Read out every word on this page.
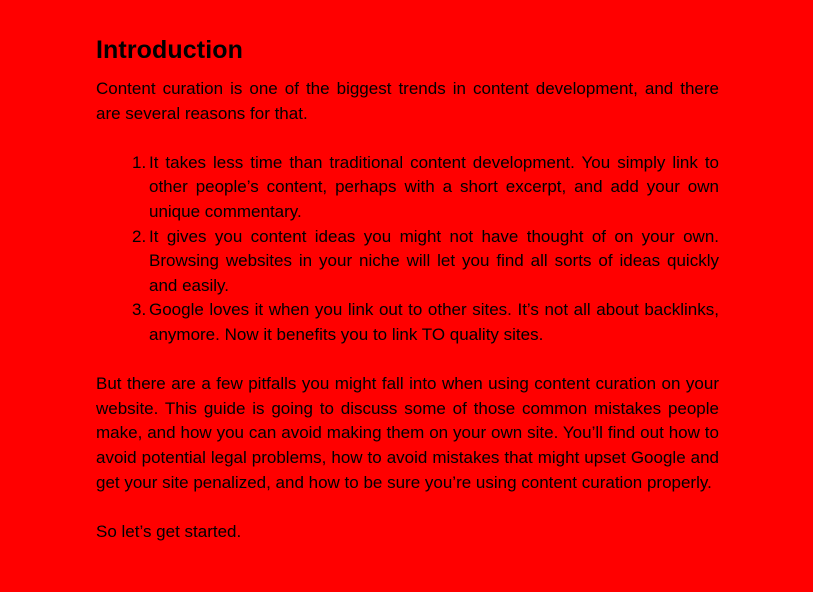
Introduction

Content curation is one of the biggest trends in content development, and there are several reasons for that.

1. It takes less time than traditional content development. You simply link to other people’s content, perhaps with a short excerpt, and add your own unique commentary.
2. It gives you content ideas you might not have thought of on your own. Browsing websites in your niche will let you find all sorts of ideas quickly and easily.
3. Google loves it when you link out to other sites. It’s not all about backlinks, anymore. Now it benefits you to link TO quality sites.

But there are a few pitfalls you might fall into when using content curation on your website. This guide is going to discuss some of those common mistakes people make, and how you can avoid making them on your own site. You’ll find out how to avoid potential legal problems, how to avoid mistakes that might upset Google and get your site penalized, and how to be sure you’re using content curation properly.

So let’s get started.
